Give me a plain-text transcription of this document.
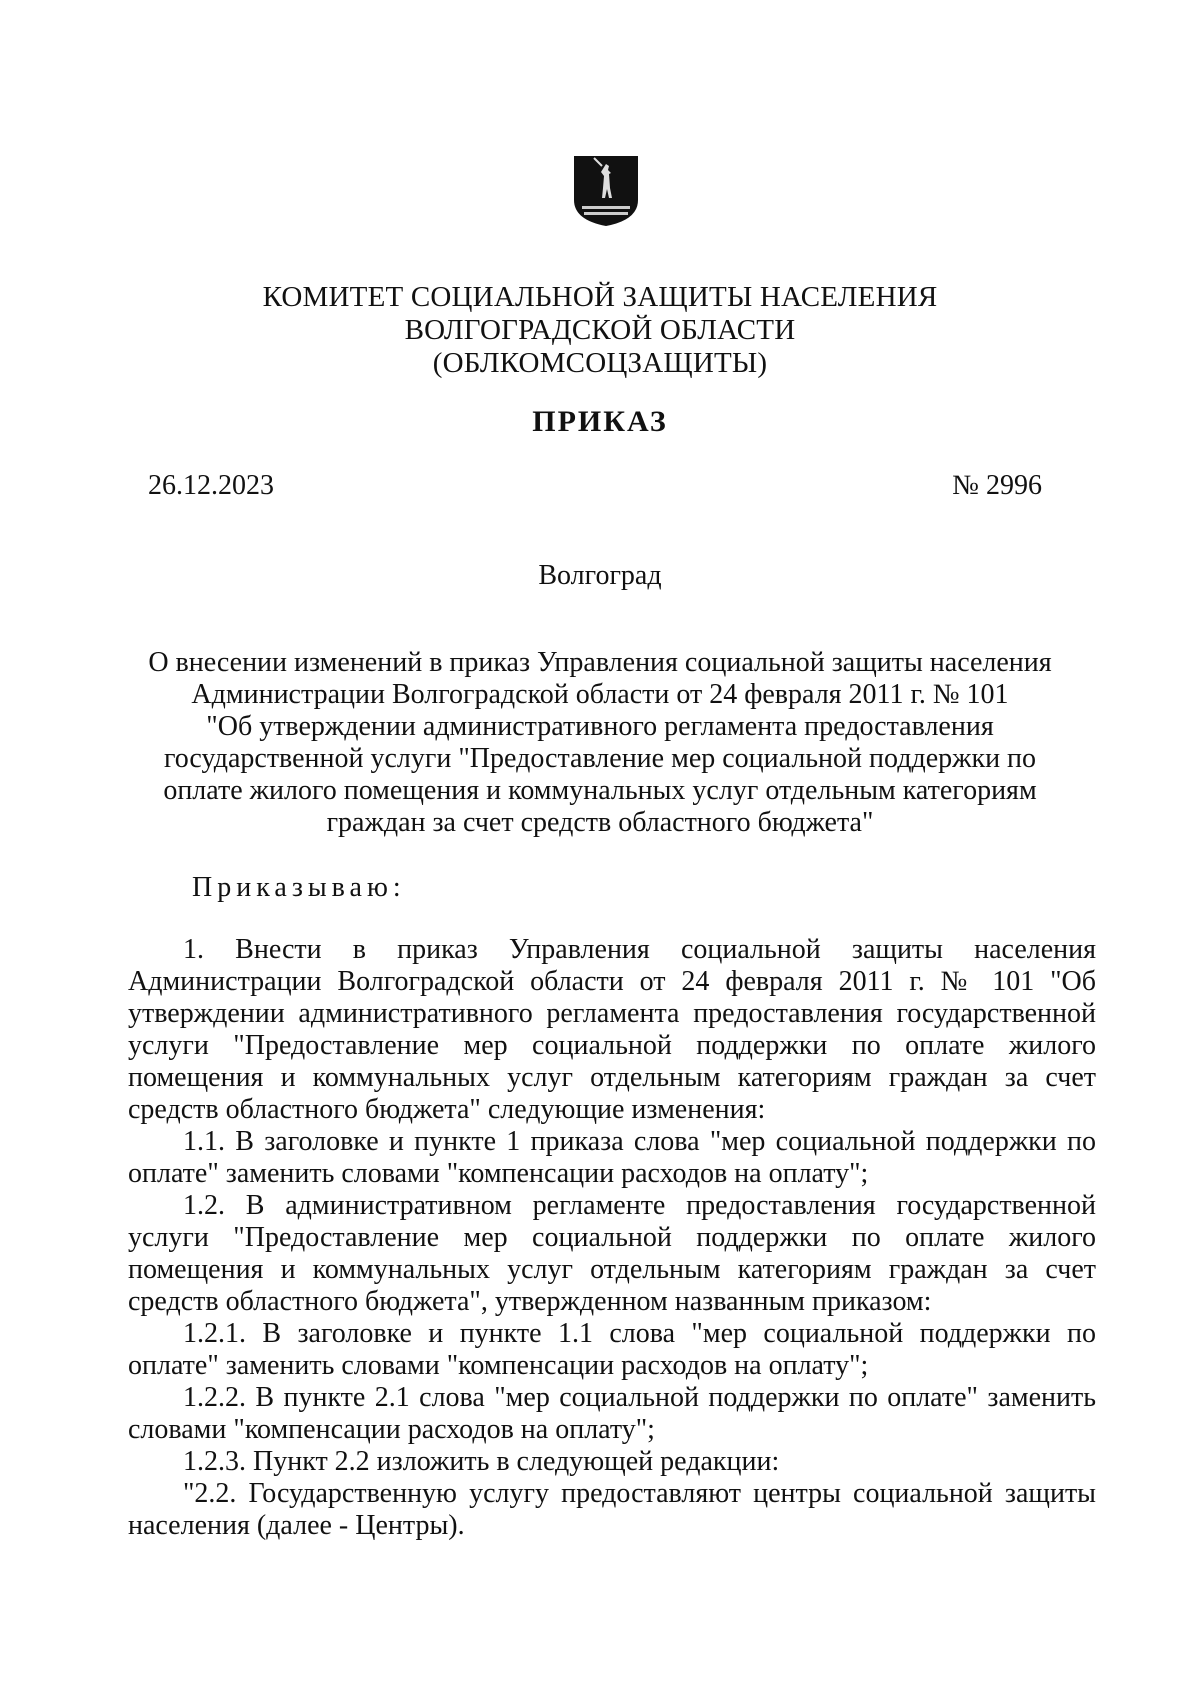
КОМИТЕТ СОЦИАЛЬНОЙ ЗАЩИТЫ НАСЕЛЕНИЯ
ВОЛГОГРАДСКОЙ ОБЛАСТИ
(ОБЛКОМСОЦЗАЩИТЫ)
ПРИКАЗ
26.12.2023	№ 2996
Волгоград
О внесении изменений в приказ Управления социальной защиты населения
Администрации Волгоградской области от 24 февраля 2011 г. № 101
"Об утверждении административного регламента предоставления
государственной услуги "Предоставление мер социальной поддержки по
оплате жилого помещения и коммунальных услуг отдельным категориям
граждан за счет средств областного бюджета"
Приказываю:

1. Внести в приказ Управления социальной защиты населения Администрации Волгоградской области от 24 февраля 2011 г. № 101 "Об утверждении административного регламента предоставления государственной услуги "Предоставление мер социальной поддержки по оплате жилого помещения и коммунальных услуг отдельным категориям граждан за счет средств областного бюджета" следующие изменения:

1.1. В заголовке и пункте 1 приказа слова "мер социальной поддержки по оплате" заменить словами "компенсации расходов на оплату";

1.2. В административном регламенте предоставления государственной услуги "Предоставление мер социальной поддержки по оплате жилого помещения и коммунальных услуг отдельным категориям граждан за счет средств областного бюджета", утвержденном названным приказом:

1.2.1. В заголовке и пункте 1.1 слова "мер социальной поддержки по оплате" заменить словами "компенсации расходов на оплату";

1.2.2. В пункте 2.1 слова "мер социальной поддержки по оплате" заменить словами "компенсации расходов на оплату";

1.2.3. Пункт 2.2 изложить в следующей редакции:

"2.2. Государственную услугу предоставляют центры социальной защиты населения (далее - Центры).
